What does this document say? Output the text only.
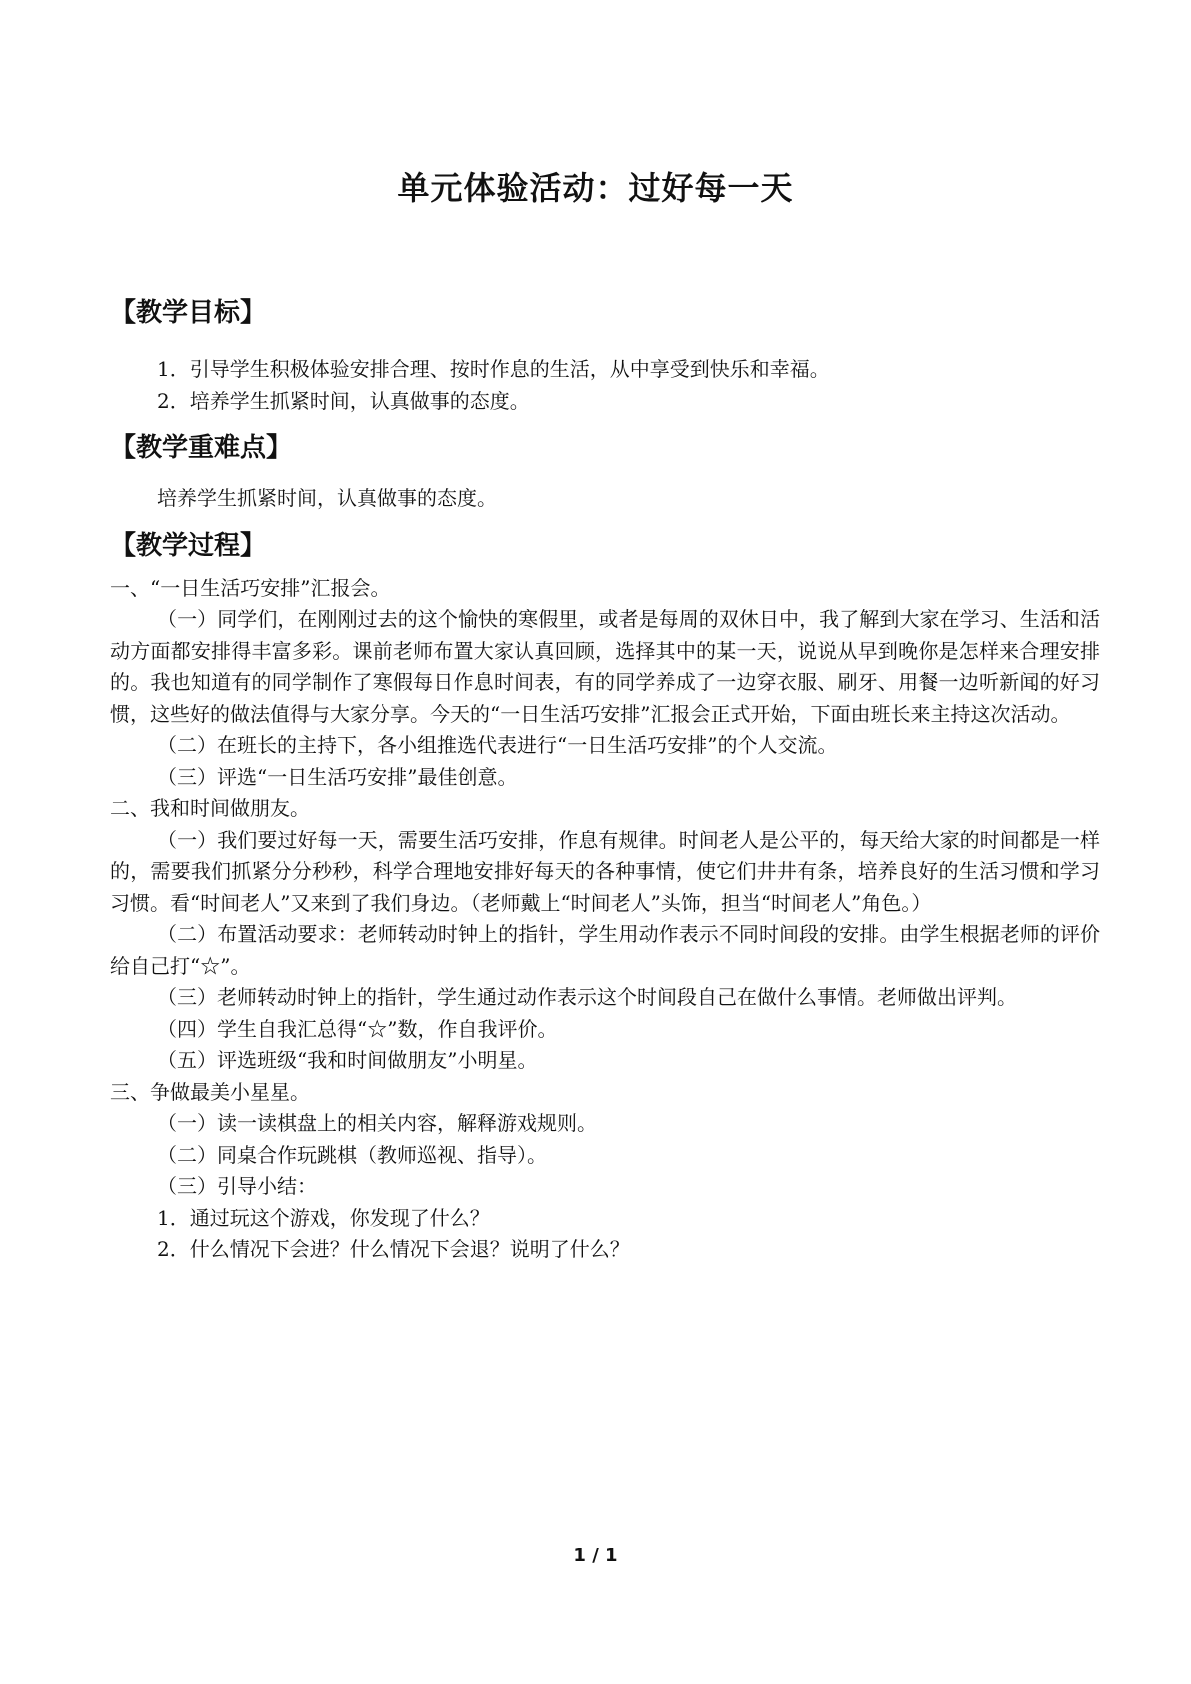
单元体验活动：过好每一天
【教学目标】
1．引导学生积极体验安排合理、按时作息的生活，从中享受到快乐和幸福。
2．培养学生抓紧时间，认真做事的态度。
【教学重难点】
培养学生抓紧时间，认真做事的态度。
【教学过程】
一、“一日生活巧安排”汇报会。
（一）同学们，在刚刚过去的这个愉快的寒假里，或者是每周的双休日中，我了解到大家在学习、生活和活动方面都安排得丰富多彩。课前老师布置大家认真回顾，选择其中的某一天，说说从早到晚你是怎样来合理安排的。我也知道有的同学制作了寒假每日作息时间表，有的同学养成了一边穿衣服、刷牙、用餐一边听新闻的好习惯，这些好的做法值得与大家分享。今天的“一日生活巧安排”汇报会正式开始，下面由班长来主持这次活动。
（二）在班长的主持下，各小组推选代表进行“一日生活巧安排”的个人交流。
（三）评选“一日生活巧安排”最佳创意。
二、我和时间做朋友。
（一）我们要过好每一天，需要生活巧安排，作息有规律。时间老人是公平的，每天给大家的时间都是一样的，需要我们抓紧分分秒秒，科学合理地安排好每天的各种事情，使它们井井有条，培养良好的生活习惯和学习习惯。看“时间老人”又来到了我们身边。（老师戴上“时间老人”头饰，担当“时间老人”角色。）
（二）布置活动要求：老师转动时钟上的指针，学生用动作表示不同时间段的安排。由学生根据老师的评价给自己打“☆”。
（三）老师转动时钟上的指针，学生通过动作表示这个时间段自己在做什么事情。老师做出评判。
（四）学生自我汇总得“☆”数，作自我评价。
（五）评选班级“我和时间做朋友”小明星。
三、争做最美小星星。
（一）读一读棋盘上的相关内容，解释游戏规则。
（二）同桌合作玩跳棋（教师巡视、指导）。
（三）引导小结：
1．通过玩这个游戏，你发现了什么？
2．什么情况下会进？什么情况下会退？说明了什么？
1 / 1
